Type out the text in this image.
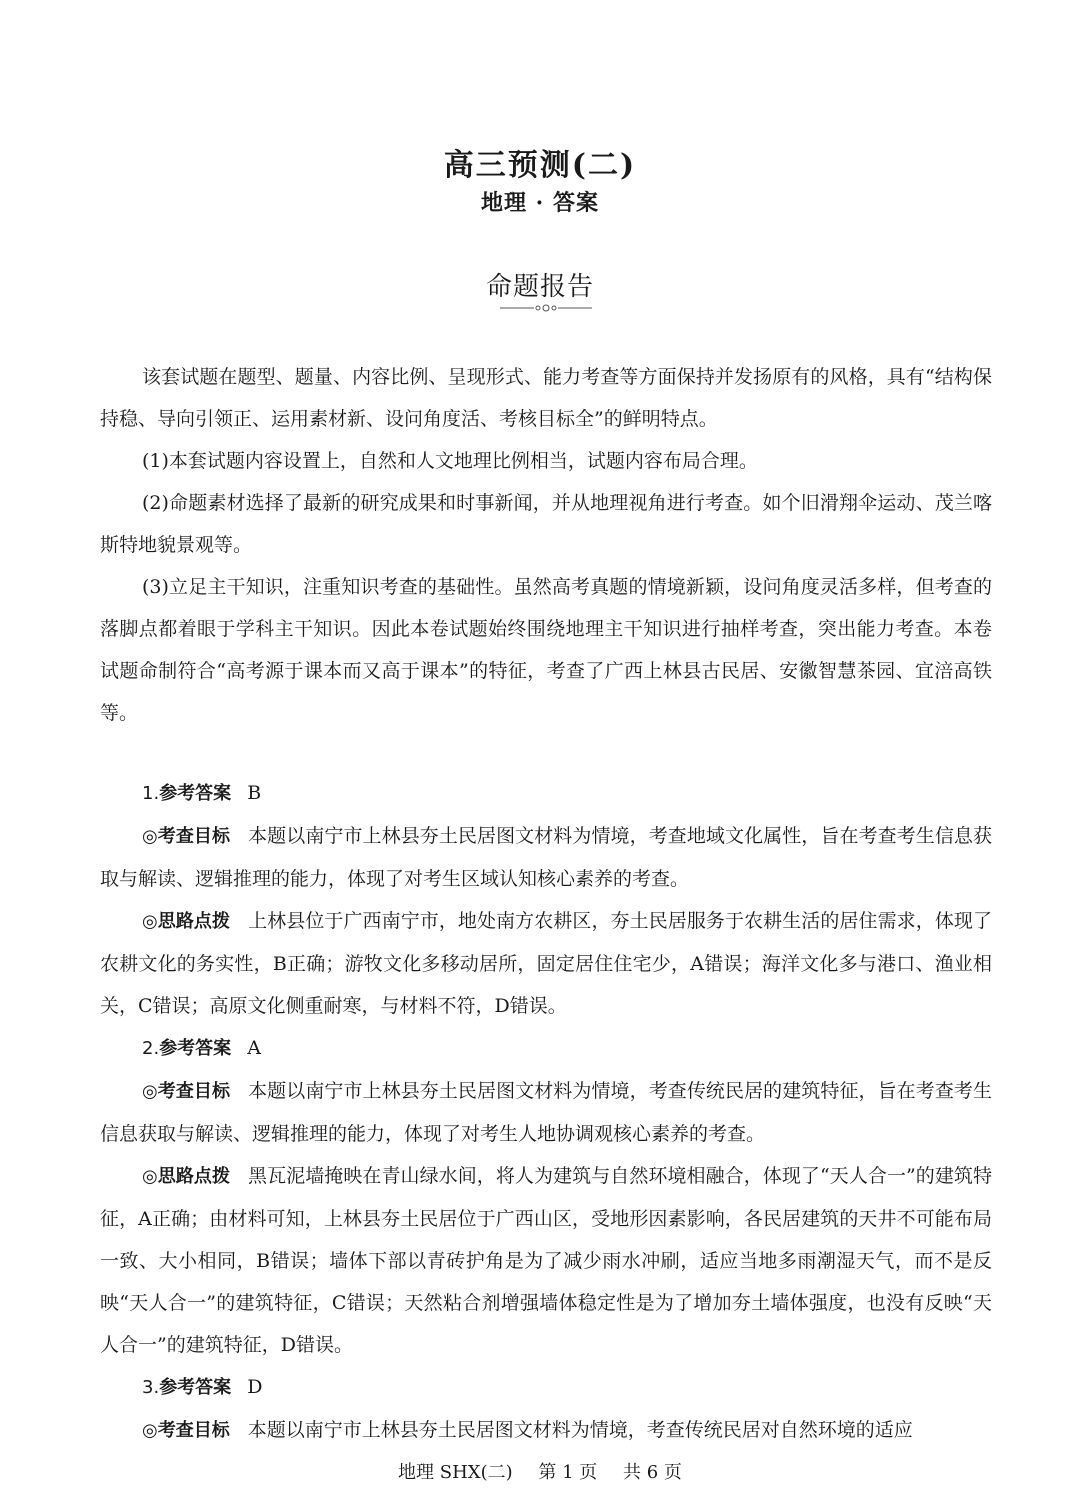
高三预测(二)
地理 · 答案
命题报告

该套试题在题型、题量、内容比例、呈现形式、能力考查等方面保持并发扬原有的风格，具有“结构保持稳、导向引领正、运用素材新、设问角度活、考核目标全”的鲜明特点。

(1)本套试题内容设置上，自然和人文地理比例相当，试题内容布局合理。

(2)命题素材选择了最新的研究成果和时事新闻，并从地理视角进行考查。如个旧滑翔伞运动、茂兰喀斯特地貌景观等。

(3)立足主干知识，注重知识考查的基础性。虽然高考真题的情境新颖，设问角度灵活多样，但考查的落脚点都着眼于学科主干知识。因此本卷试题始终围绕地理主干知识进行抽样考查，突出能力考查。本卷试题命制符合“高考源于课本而又高于课本”的特征，考查了广西上林县古民居、安徽智慧茶园、宜涪高铁等。

1.参考答案 B

◎考查目标 本题以南宁市上林县夯土民居图文材料为情境，考查地域文化属性，旨在考查考生信息获取与解读、逻辑推理的能力，体现了对考生区域认知核心素养的考查。

◎思路点拨 上林县位于广西南宁市，地处南方农耕区，夯土民居服务于农耕生活的居住需求，体现了农耕文化的务实性，B正确；游牧文化多移动居所，固定居住住宅少，A错误；海洋文化多与港口、渔业相关，C错误；高原文化侧重耐寒，与材料不符，D错误。

2.参考答案 A

◎考查目标 本题以南宁市上林县夯土民居图文材料为情境，考查传统民居的建筑特征，旨在考查考生信息获取与解读、逻辑推理的能力，体现了对考生人地协调观核心素养的考查。

◎思路点拨 黑瓦泥墙掩映在青山绿水间，将人为建筑与自然环境相融合，体现了“天人合一”的建筑特征，A正确；由材料可知，上林县夯土民居位于广西山区，受地形因素影响，各民居建筑的天井不可能布局一致、大小相同，B错误；墙体下部以青砖护角是为了减少雨水冲刷，适应当地多雨潮湿天气，而不是反映“天人合一”的建筑特征，C错误；天然粘合剂增强墙体稳定性是为了增加夯土墙体强度，也没有反映“天人合一”的建筑特征，D错误。

3.参考答案 D

◎考查目标 本题以南宁市上林县夯土民居图文材料为情境，考查传统民居对自然环境的适应

地理 SHX(二) 第 1 页 共 6 页
